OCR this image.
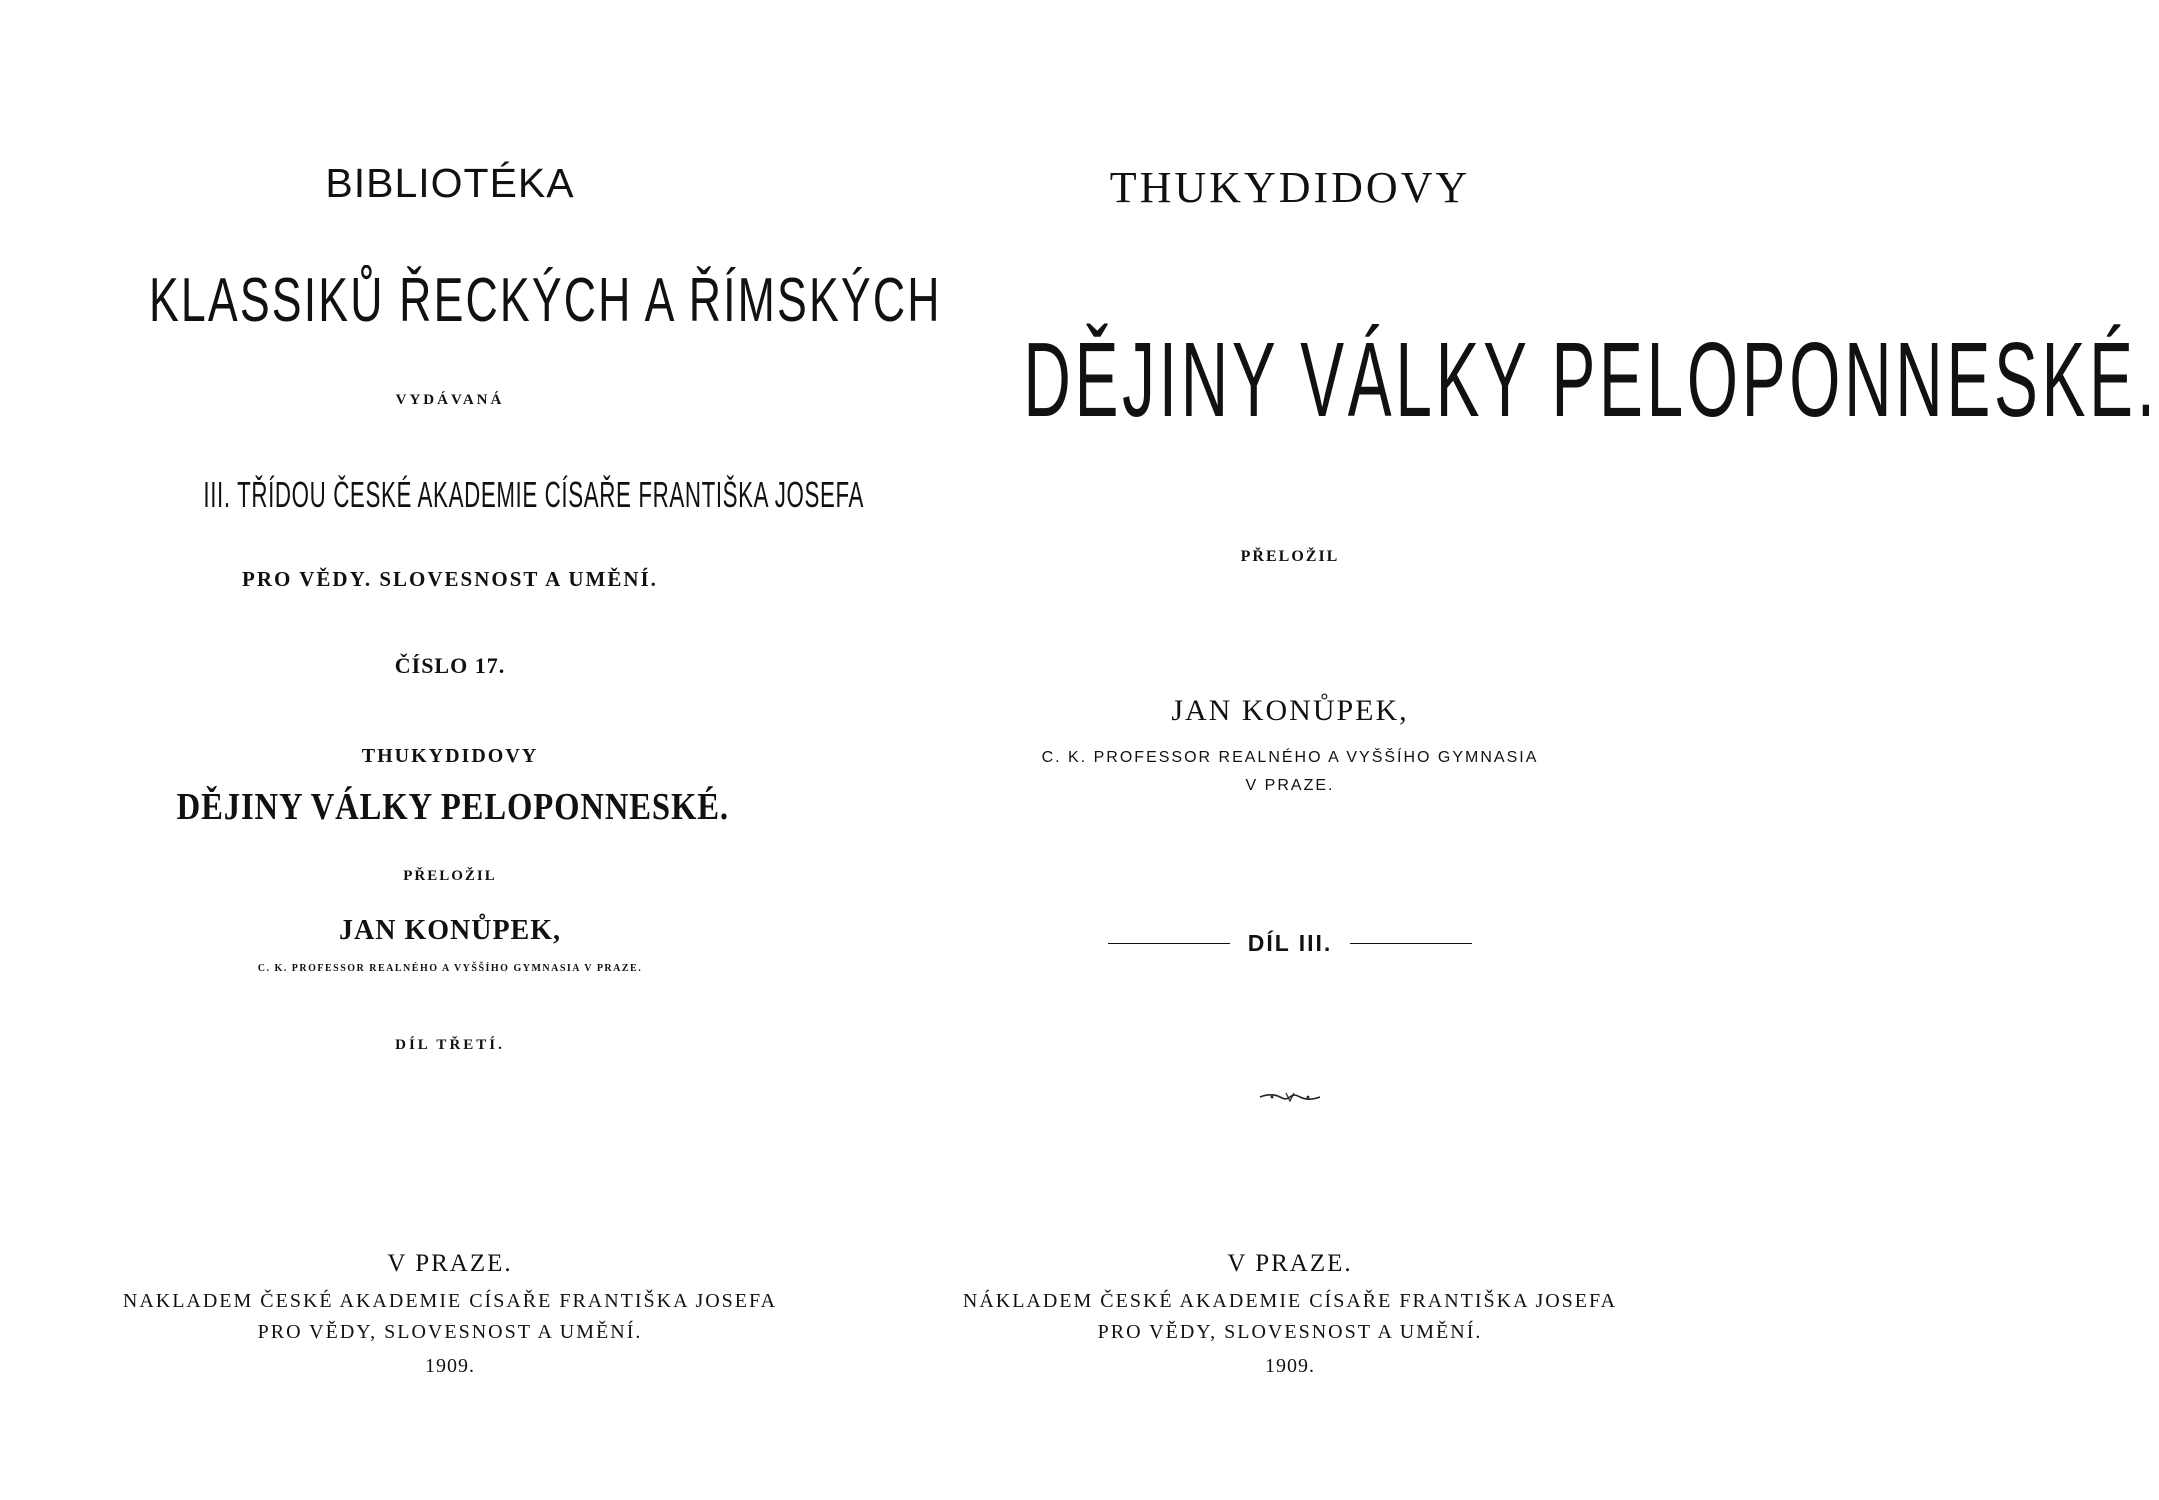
BIBLIOTÉKA

KLASSIKŮ ŘECKÝCH A ŘÍMSKÝCH

VYDÁVANÁ

III. TŘÍDOU ČESKÉ AKADEMIE CÍSAŘE FRANTIŠKA JOSEFA

PRO VĚDY. SLOVESNOST A UMĚNÍ.

ČÍSLO 17.

THUKYDIDOVY

DĚJINY VÁLKY PELOPONNESKÉ.

PŘELOŽIL

JAN KONŮPEK,

C. K. PROFESSOR REALNÉHO A VYŠŠÍHO GYMNASIA V PRAZE.

DÍL TŘETÍ.

V PRAZE.

NAKLADEM ČESKÉ AKADEMIE CÍSAŘE FRANTIŠKA JOSEFA

PRO VĚDY, SLOVESNOST A UMĚNÍ.

1909.

THUKYDIDOVY

DĚJINY VÁLKY PELOPONNESKÉ.

PŘELOŽIL

JAN KONŮPEK,

C. K. PROFESSOR REALNÉHO A VYŠŠÍHO GYMNASIA

V PRAZE.

DÍL III.

V PRAZE.

NÁKLADEM ČESKÉ AKADEMIE CÍSAŘE FRANTIŠKA JOSEFA

PRO VĚDY, SLOVESNOST A UMĚNÍ.

1909.
